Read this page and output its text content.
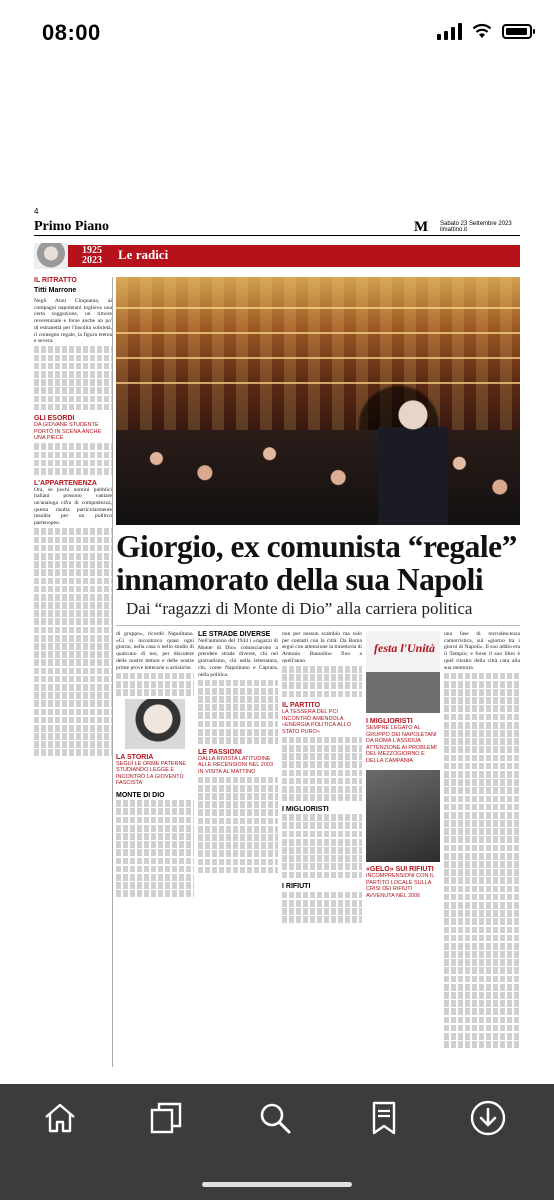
08:00
4
Primo Piano	M Sabato 23 Settembre 2023
ilmattino.it
1925
2023	Le radici
IL RITRATTO
Titti Marrone
Negli Anni Cinquanta, ai compagni napoletani toglieva una certa soggezione, un timore reverenziale e forse anche un po' di estraneità per l'insolita sobrietà, il contegno regale, la figura eterea e severa.
GLI ESORDI
DA GIOVANE STUDENTE PORTÒ IN SCENA ANCHE UNA PIÈCE
L'APPARTENENZA
Ora, se pochi uomini pubblici italiani possono vantare un'analoga cifra di compostezza, questa risulta particolarmente insolita per un politico partenopeo.
Giorgio, ex comunista “regale” innamorato della sua Napoli
Dai “ragazzi di Monte di Dio” alla carriera politica
di gruppo», ricordò Napolitano. «Ci si incontrava quasi ogni giorno, nella casa o nello studio di qualcuno di noi, per discutere delle nostre letture e delle nostre prime prove letterarie o artistiche.
LA STORIA
SEGUÌ LE ORME PATERNE STUDIANDO LEGGE E INCONTRÒ LA GIOVENTÙ FASCISTA
MONTE DI DIO
LE STRADE DIVERSE
Nell'autunno del 1944 i «ragazzi di Monte di Dio» cominciarono a prendere strade diverse, chi nel giornalismo, chi nella letteratura, chi, come Napolitano e Caprara, nella politica.
LE PASSIONI
DALLA RIVISTA LATITUDINE ALLE RECENSIONI NEL 2003 IN VISITA AL MATTINO
non per nessun scambio ma solo per contatti con la città. Da Roma seguì con attenzione la traiettoria di Antonio Bassolino fino a quell'anno.
IL PARTITO
LA TESSERA DEL PCI INCONTRÒ AMENDOLA «ENERGIA POLITICA ALLO STATO PURO»
I MIGLIORISTI
I RIFIUTI
festa l'Unità
I MIGLIORISTI
SEMPRE LEGATO AL GRUPPO DEI NAPOLETANI DA ROMA L'ASSIDUA ATTENZIONE AI PROBLEMI DEL MEZZOGIORNO E DELLA CAMPANIA
«GELO» SUI RIFIUTI
INCOMPRENSIONI CON IL PARTITO LOCALE SULLA CRISI DEI RIFIUTI AVVENUTA NEL 2006
una fase di recrudescenza camorristica, sul «giorno tra i giorni di Napoli». Il suo addio era il Tempio; e forse il suo libro è quel ritratto della città cara alla sua memoria.
